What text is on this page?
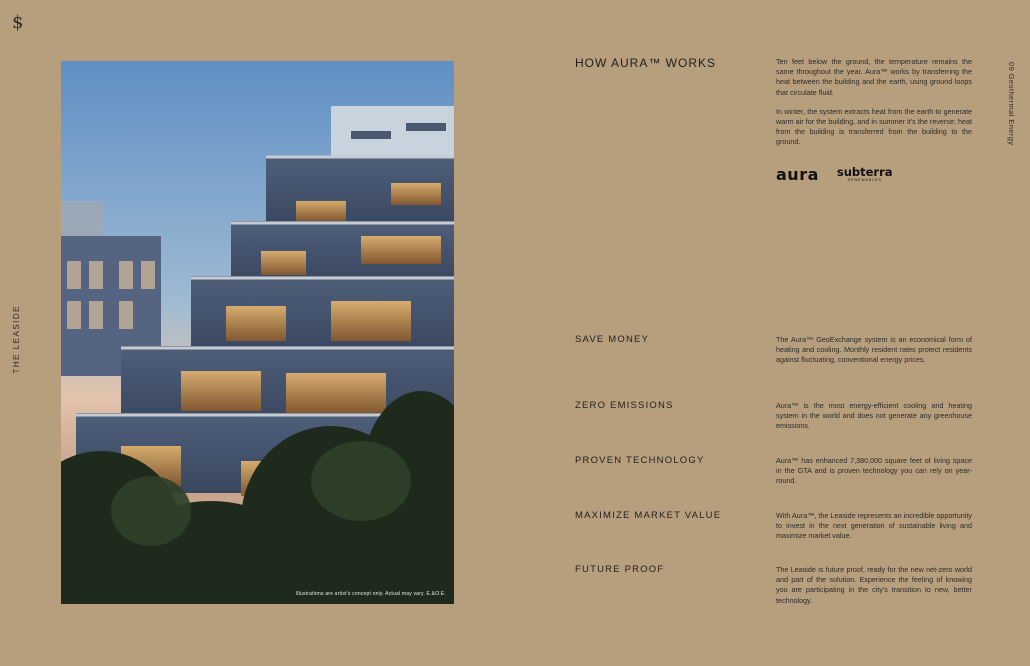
$
THE LEASIDE
09 Geothermal Energy
Illustrations are artist's concept only. Actual may vary. E.&O.E.
HOW AURA™ WORKS	Ten feet below the ground, the temperature remains the same throughout the year. Aura™ works by transferring the heat between the building and the earth, using ground loops that circulate fluid.

In winter, the system extracts heat from the earth to generate warm air for the building, and in summer it's the reverse; heat from the building is transferred from the building to the ground.

aura subterra
RENEWABLES
SAVE MONEY	The Aura™ GeoExchange system is an economical form of heating and cooling. Monthly resident rates protect residents against fluctuating, conventional energy prices.
ZERO EMISSIONS	Aura™ is the most energy-efficient cooling and heating system in the world and does not generate any greenhouse emissions.
PROVEN TECHNOLOGY	Aura™ has enhanced 7,380,000 square feet of living space in the GTA and is proven technology you can rely on year-round.
MAXIMIZE MARKET VALUE	With Aura™, the Leaside represents an incredible opportunity to invest in the next generation of sustainable living and maximize market value.
FUTURE PROOF	The Leaside is future proof, ready for the new net-zero world and part of the solution. Experience the feeling of knowing you are participating in the city's transition to new, better technology.
